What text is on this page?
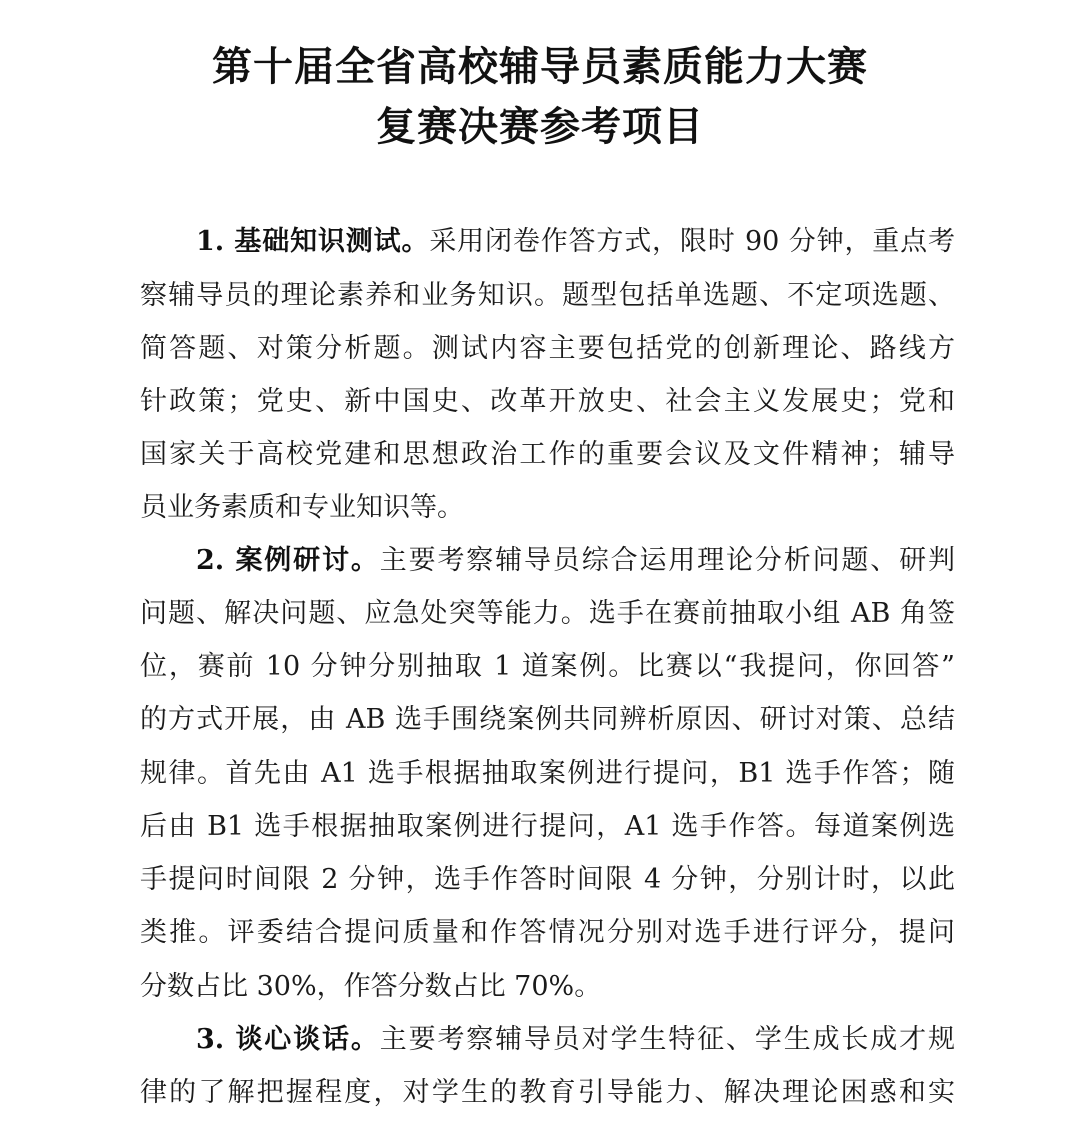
第十届全省高校辅导员素质能力大赛
复赛决赛参考项目
1. 基础知识测试。采用闭卷作答方式，限时 90 分钟，重点考
察辅导员的理论素养和业务知识。题型包括单选题、不定项选题、
简答题、对策分析题。测试内容主要包括党的创新理论、路线方
针政策；党史、新中国史、改革开放史、社会主义发展史；党和
国家关于高校党建和思想政治工作的重要会议及文件精神；辅导
员业务素质和专业知识等。
2. 案例研讨。主要考察辅导员综合运用理论分析问题、研判
问题、解决问题、应急处突等能力。选手在赛前抽取小组 AB 角签
位，赛前 10 分钟分别抽取 1 道案例。比赛以“我提问，你回答”
的方式开展，由 AB 选手围绕案例共同辨析原因、研讨对策、总结
规律。首先由 A1 选手根据抽取案例进行提问，B1 选手作答；随
后由 B1 选手根据抽取案例进行提问，A1 选手作答。每道案例选
手提问时间限 2 分钟，选手作答时间限 4 分钟，分别计时，以此
类推。评委结合提问质量和作答情况分别对选手进行评分，提问
分数占比 30%，作答分数占比 70%。
3. 谈心谈话。主要考察辅导员对学生特征、学生成长成才规
律的了解把握程度，对学生的教育引导能力、解决理论困惑和实
